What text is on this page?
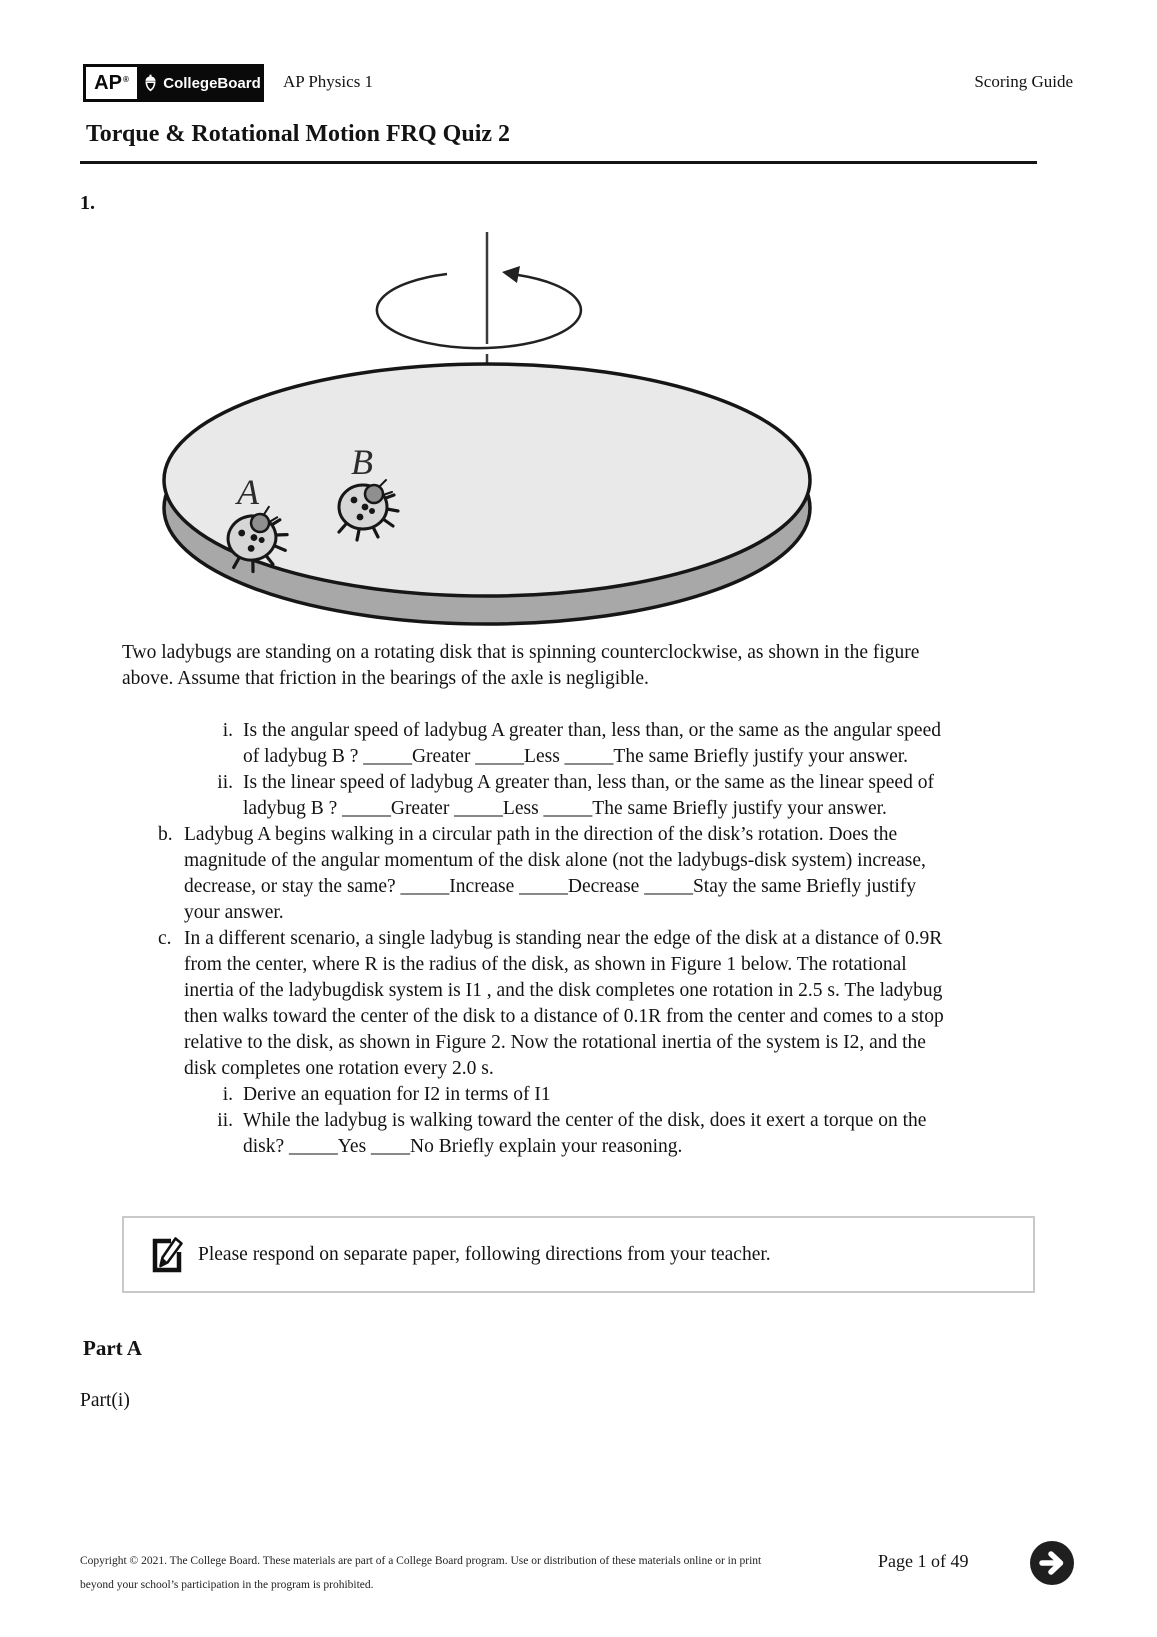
AP® CollegeBoard AP Physics 1	Scoring Guide
Torque & Rotational Motion FRQ Quiz 2
1.
A
B
Two ladybugs are standing on a rotating disk that is spinning counterclockwise, as shown in the figure
above. Assume that friction in the bearings of the axle is negligible.
i. Is the angular speed of ladybug A greater than, less than, or the same as the angular speed
of ladybug B ? _____Greater _____Less _____The same Briefly justify your answer.
ii. Is the linear speed of ladybug A greater than, less than, or the same as the linear speed of
ladybug B ? _____Greater _____Less _____The same Briefly justify your answer.
b. Ladybug A begins walking in a circular path in the direction of the disk’s rotation. Does the
magnitude of the angular momentum of the disk alone (not the ladybugs-disk system) increase,
decrease, or stay the same? _____Increase _____Decrease _____Stay the same Briefly justify
your answer.
c. In a different scenario, a single ladybug is standing near the edge of the disk at a distance of 0.9R
from the center, where R is the radius of the disk, as shown in Figure 1 below. The rotational
inertia of the ladybugdisk system is I1 , and the disk completes one rotation in 2.5 s. The ladybug
then walks toward the center of the disk to a distance of 0.1R from the center and comes to a stop
relative to the disk, as shown in Figure 2. Now the rotational inertia of the system is I2, and the
disk completes one rotation every 2.0 s.
i. Derive an equation for I2 in terms of I1
ii. While the ladybug is walking toward the center of the disk, does it exert a torque on the
disk? _____Yes ____No Briefly explain your reasoning.
Please respond on separate paper, following directions from your teacher.
Part A
Part(i)
Copyright © 2021. The College Board. These materials are part of a College Board program. Use or distribution of these materials online or in print
beyond your school’s participation in the program is prohibited.
Page 1 of 49
